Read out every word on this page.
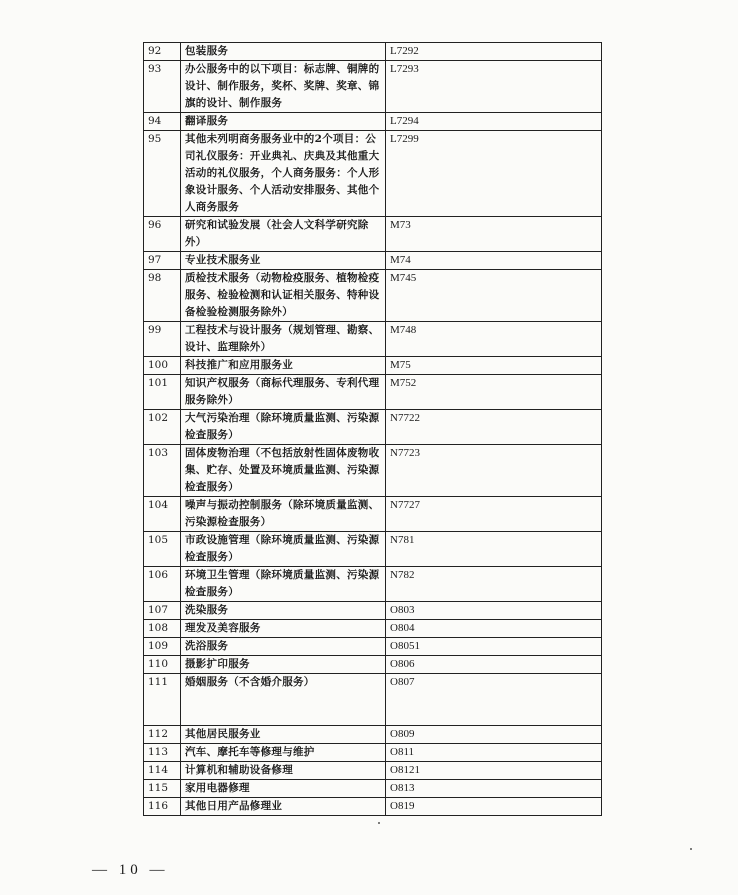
92	包装服务	L7292
93	办公服务中的以下项目：标志牌、铜牌的设计、制作服务，奖杯、奖牌、奖章、锦旗的设计、制作服务	L7293
94	翻译服务	L7294
95	其他未列明商务服务业中的2个项目：公司礼仪服务：开业典礼、庆典及其他重大活动的礼仪服务，个人商务服务：个人形象设计服务、个人活动安排服务、其他个人商务服务	L7299
96	研究和试验发展（社会人文科学研究除外）	M73
97	专业技术服务业	M74
98	质检技术服务（动物检疫服务、植物检疫服务、检验检测和认证相关服务、特种设备检验检测服务除外）	M745
99	工程技术与设计服务（规划管理、勘察、设计、监理除外）	M748
100	科技推广和应用服务业	M75
101	知识产权服务（商标代理服务、专利代理服务除外）	M752
102	大气污染治理（除环境质量监测、污染源检查服务）	N7722
103	固体废物治理（不包括放射性固体废物收集、贮存、处置及环境质量监测、污染源检查服务）	N7723
104	噪声与振动控制服务（除环境质量监测、污染源检查服务）	N7727
105	市政设施管理（除环境质量监测、污染源检查服务）	N781
106	环境卫生管理（除环境质量监测、污染源检查服务）	N782
107	洗染服务	O803
108	理发及美容服务	O804
109	洗浴服务	O8051
110	摄影扩印服务	O806
111	婚姻服务（不含婚介服务）	O807
112	其他居民服务业	O809
113	汽车、摩托车等修理与维护	O811
114	计算机和辅助设备修理	O8121
115	家用电器修理	O813
116	其他日用产品修理业	O819
— 10 —
